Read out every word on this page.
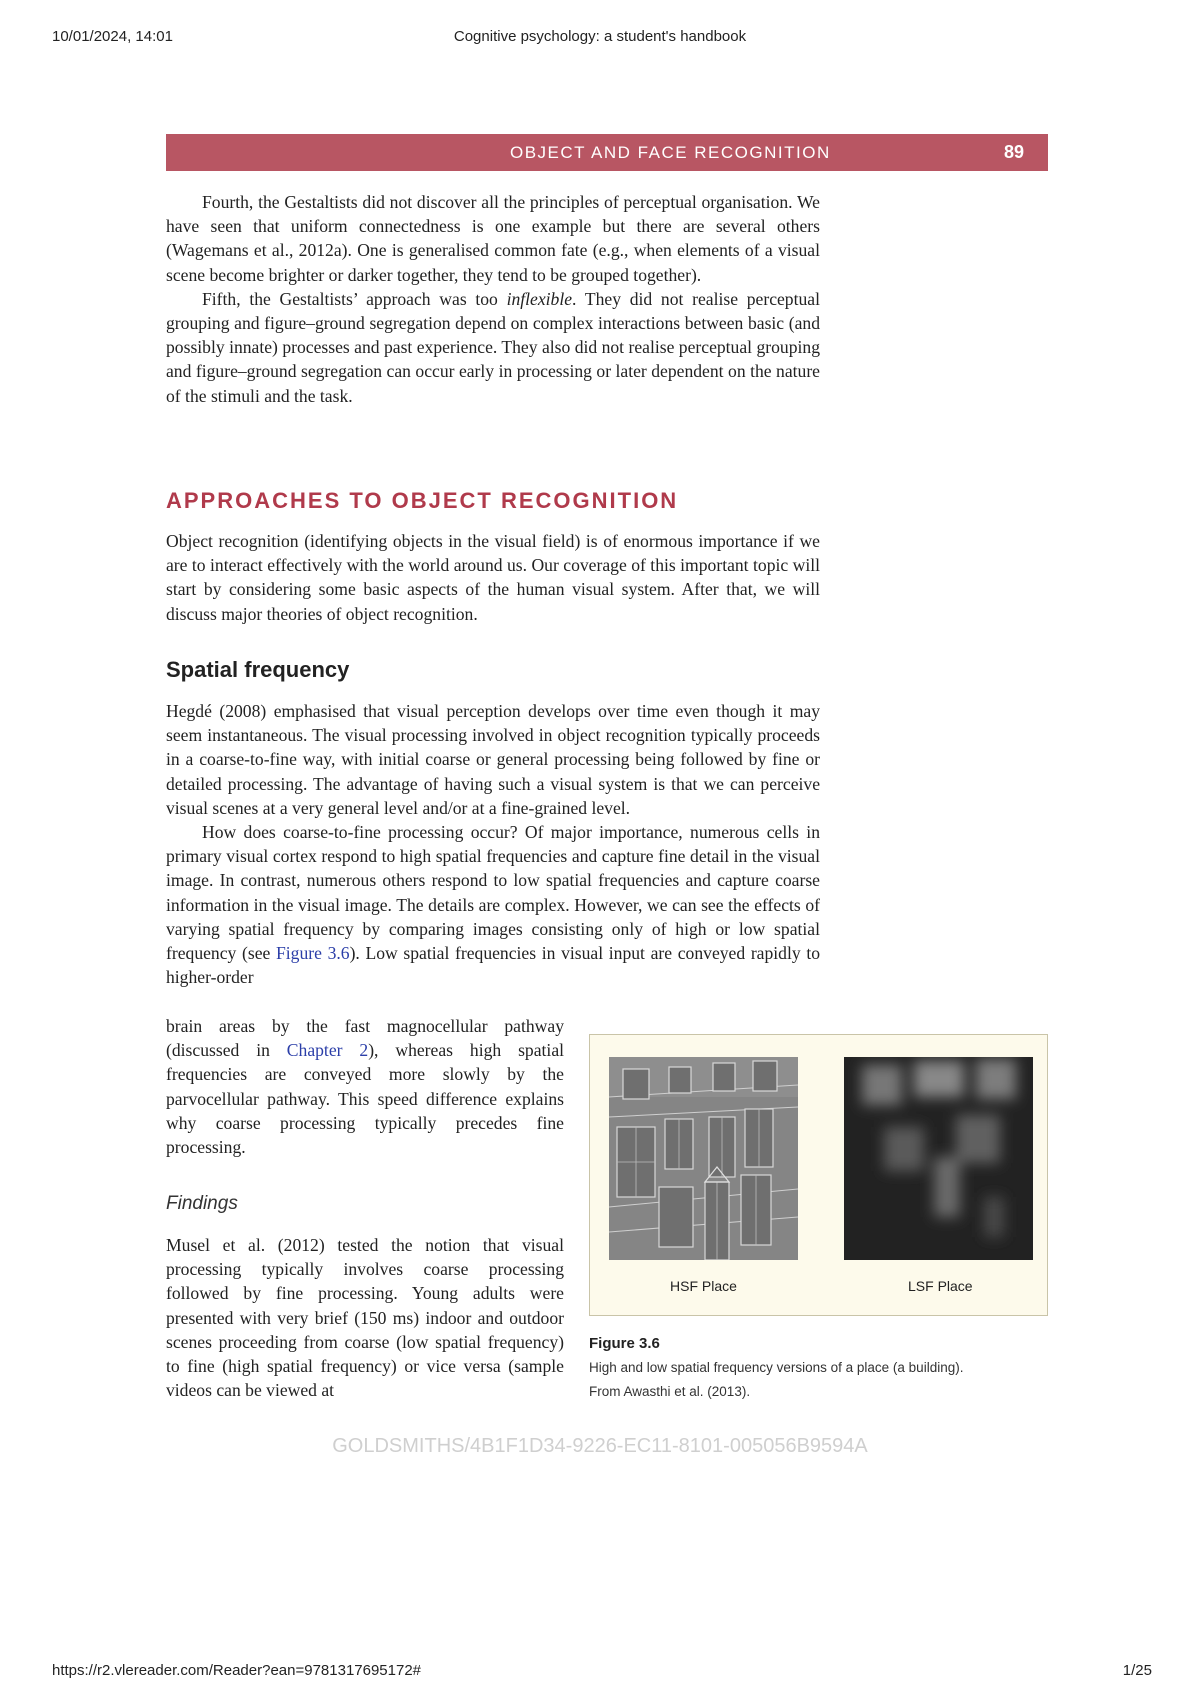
10/01/2024, 14:01	Cognitive psychology: a student's handbook
OBJECT AND FACE RECOGNITION	89

Fourth, the Gestaltists did not discover all the principles of perceptual organisation. We have seen that uniform connectedness is one example but there are several others (Wagemans et al., 2012a). One is generalised common fate (e.g., when elements of a visual scene become brighter or darker together, they tend to be grouped together).

Fifth, the Gestaltists’ approach was too inflexible. They did not realise perceptual grouping and figure–ground segregation depend on complex interactions between basic (and possibly innate) processes and past experience. They also did not realise perceptual grouping and figure–ground segregation can occur early in processing or later dependent on the nature of the stimuli and the task.

APPROACHES TO OBJECT RECOGNITION

Object recognition (identifying objects in the visual field) is of enormous importance if we are to interact effectively with the world around us. Our coverage of this important topic will start by considering some basic aspects of the human visual system. After that, we will discuss major theories of object recognition.

Spatial frequency

Hegdé (2008) emphasised that visual perception develops over time even though it may seem instantaneous. The visual processing involved in object recognition typically proceeds in a coarse-to-fine way, with initial coarse or general processing being followed by fine or detailed processing. The advantage of having such a visual system is that we can perceive visual scenes at a very general level and/or at a fine-grained level.

How does coarse-to-fine processing occur? Of major importance, numerous cells in primary visual cortex respond to high spatial frequencies and capture fine detail in the visual image. In contrast, numerous others respond to low spatial frequencies and capture coarse information in the visual image. The details are complex. However, we can see the effects of varying spatial frequency by comparing images consisting only of high or low spatial frequency (see Figure 3.6). Low spatial frequencies in visual input are conveyed rapidly to higher-order

brain areas by the fast magnocellular pathway (discussed in Chapter 2), whereas high spatial frequencies are conveyed more slowly by the parvocellular pathway. This speed difference explains why coarse processing typically precedes fine processing.

Findings

Musel et al. (2012) tested the notion that visual processing typically involves coarse processing followed by fine processing. Young adults were presented with very brief (150 ms) indoor and outdoor scenes proceeding from coarse (low spatial frequency) to fine (high spatial frequency) or vice versa (sample videos can be viewed at

HSF Place	LSF Place
Figure 3.6
High and low spatial frequency versions of a place (a building).
From Awasthi et al. (2013).
GOLDSMITHS/4B1F1D34-9226-EC11-8101-005056B9594A
https://r2.vlereader.com/Reader?ean=9781317695172#	1/25
